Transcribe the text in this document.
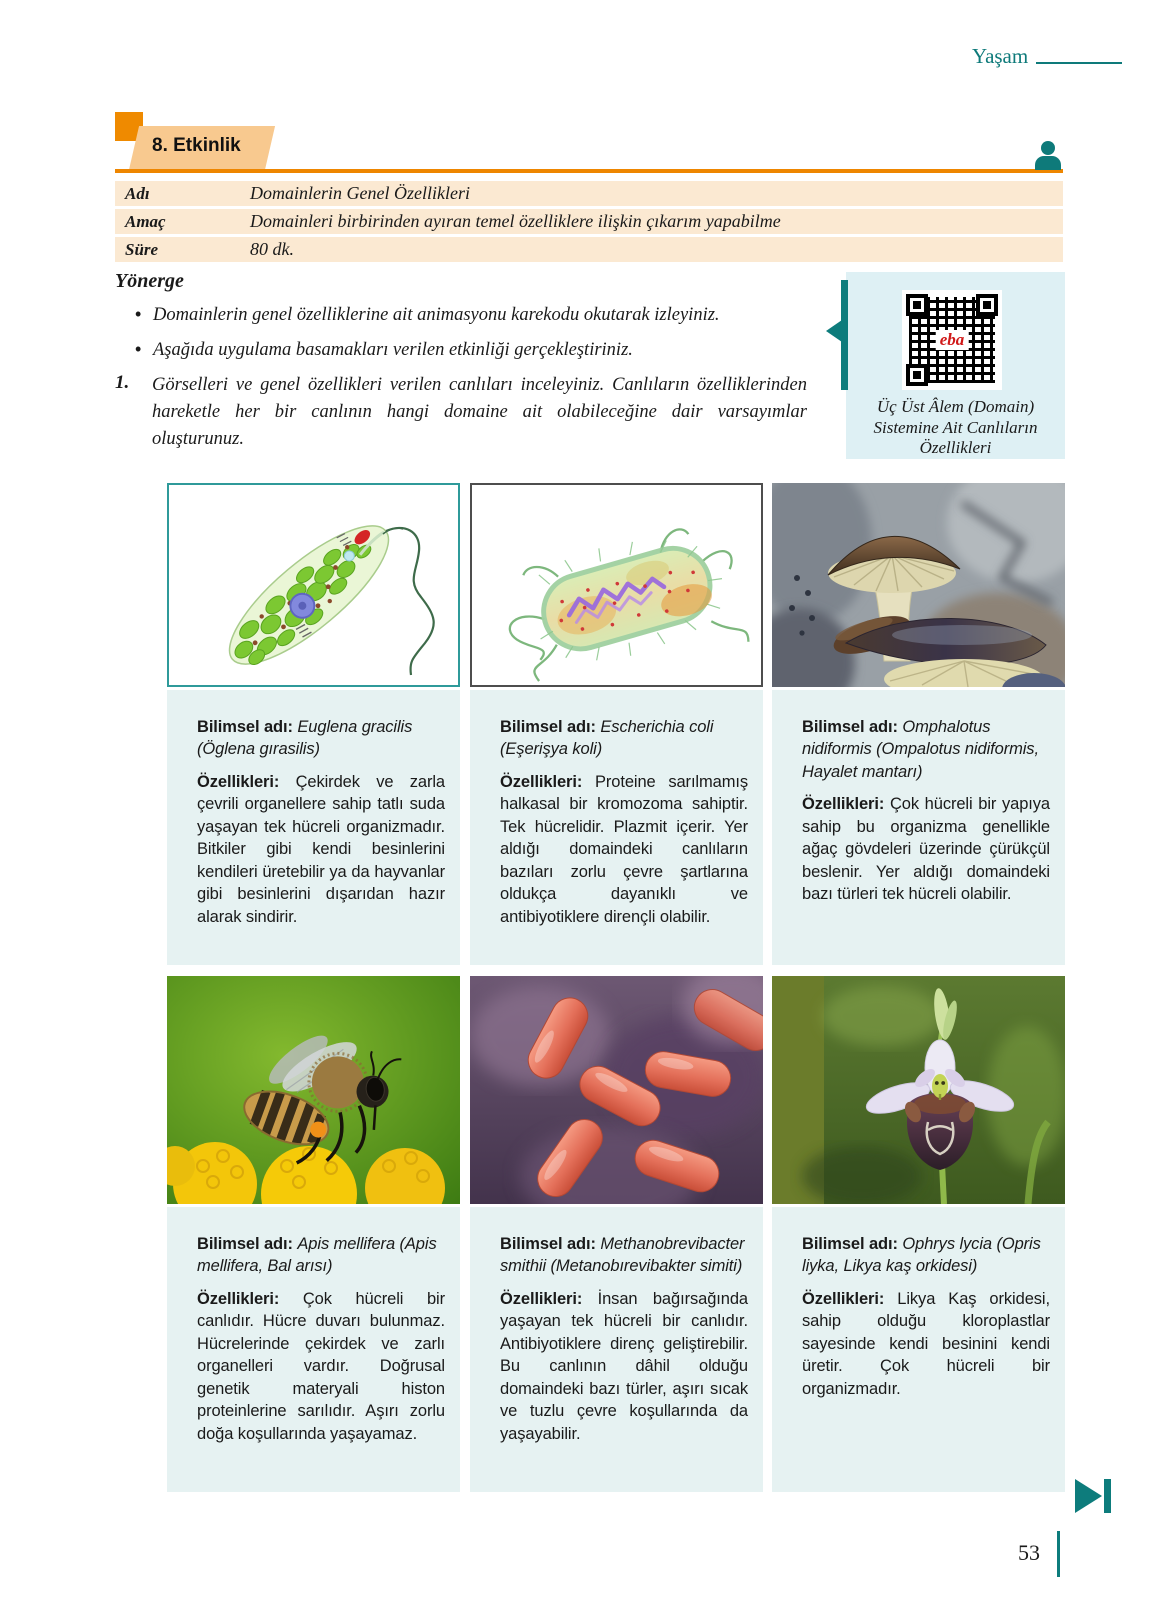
Yaşam
8. Etkinlik
Adı	Domainlerin Genel Özellikleri
Amaç	Domainleri birbirinden ayıran temel özelliklere ilişkin çıkarım yapabilme
Süre	80 dk.
Yönerge
• Domainlerin genel özelliklerine ait animasyonu karekodu okutarak izleyiniz.
• Aşağıda uygulama basamakları verilen etkinliği gerçekleştiriniz.
1.	Görselleri ve genel özellikleri verilen canlıları inceleyiniz. Canlıların özelliklerinden hareketle her bir canlının hangi domaine ait olabileceğine dair varsayımlar oluşturunuz.
eba
Üç Üst Âlem (Domain) Sistemine Ait Canlıların Özellikleri

Bilimsel adı: Euglena gracilis (Öglena gırasilis)

Özellikleri: Çekirdek ve zarla çevrili organellere sahip tatlı suda yaşayan tek hücreli organizmadır. Bitkiler gibi kendi besinlerini kendileri üretebilir ya da hayvanlar gibi besinlerini dışarıdan hazır alarak sindirir.

Bilimsel adı: Escherichia coli (Eşerişya koli)

Özellikleri: Proteine sarılmamış halkasal bir kromozoma sahiptir. Tek hücrelidir. Plazmit içerir. Yer aldığı domaindeki canlıların bazıları zorlu çevre şartlarına oldukça dayanıklı ve antibiyotiklere dirençli olabilir.

Bilimsel adı: Omphalotus nidiformis (Ompalotus nidiformis, Hayalet mantarı)

Özellikleri: Çok hücreli bir yapıya sahip bu organizma genellikle ağaç gövdeleri üzerinde çürükçül beslenir. Yer aldığı domaindeki bazı türleri tek hücreli olabilir.

Bilimsel adı: Apis mellifera (Apis mellifera, Bal arısı)

Özellikleri: Çok hücreli bir canlıdır. Hücre duvarı bulunmaz. Hücrelerinde çekirdek ve zarlı organelleri vardır. Doğrusal genetik materyali histon proteinlerine sarılıdır. Aşırı zorlu doğa koşullarında yaşayamaz.

Bilimsel adı: Methanobrevibacter smithii (Metanobırevibakter simiti)

Özellikleri: İnsan bağırsağında yaşayan tek hücreli bir canlıdır. Antibiyotiklere direnç geliştirebilir. Bu canlının dâhil olduğu domaindeki bazı türler, aşırı sıcak ve tuzlu çevre koşullarında da yaşayabilir.

Bilimsel adı: Ophrys lycia (Opris liyka, Likya kaş orkidesi)

Özellikleri: Likya Kaş orkidesi, sahip olduğu kloroplastlar sayesinde kendi besinini kendi üretir. Çok hücreli bir organizmadır.

53
